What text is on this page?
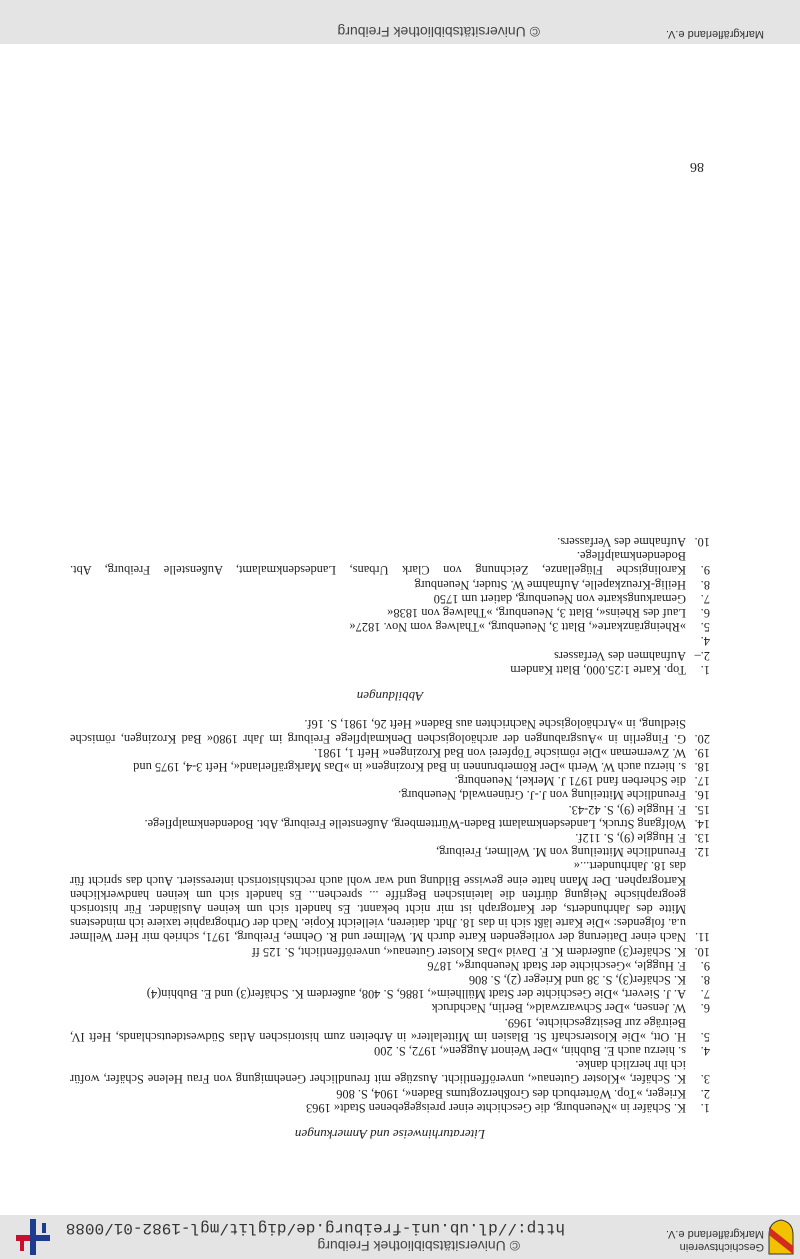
Geschichtsverein
Markgräflerland e.V.
© Universitätsbibliothek Freiburg
http://dl.ub.uni-freiburg.de/diglit/mgl-1982-01/0088
Literaturhinweise und Anmerkungen
1.
K. Schäfer in »Neuenburg, die Geschichte einer preisgegebenen Stadt« 1963
2.
Krieger, »Top. Wörterbuch des Großherzogtums Baden«, 1904, S. 806
3.
K. Schäfer, »Kloster Gutenau«, unveröffentlicht. Auszüge mit freundlicher Genehmigung von Frau Helene Schäfer, wofür ich ihr herzlich danke.
4.
s. hierzu auch E. Bubhin, »Der Weinort Auggen«, 1972, S. 200
5.
H. Ott, »Die Klosterschaft St. Blasien im Mittelalter« in Arbeiten zum historischen Atlas Südwestdeutschlands, Heft IV, Beiträge zur Besitzgeschichte, 1969.
6.
W. Jensen, »Der Schwarzwald«, Berlin, Nachdruck
7.
A. J. Sievert, »Die Geschichte der Stadt Müllheim«, 1886, S. 408, außerdem K. Schäfer(3) und E. Bubhin(4)
8.
K. Schäfer(3), S. 38 und Krieger (2), S. 806
9.
F. Huggle, »Geschichte der Stadt Neuenburg«, 1876
10.
K. Schäfer(3) außerdem K. F. David »Das Kloster Gutenau«, unveröffentlicht, S. 125 ff
11.
Nach einer Datierung der vorliegenden Karte durch M. Wellmer und R. Oehme, Freiburg, 1971, schrieb mir Herr Wellmer u.a. folgendes: »Die Karte läßt sich in das 18. Jhdt. datieren, vielleicht Kopie. Nach der Orthographie taxiere ich mindestens Mitte des Jahrhunderts, der Kartograph ist mir nicht bekannt. Es handelt sich um keinen Ausländer. Für historisch geographische Neigung dürften die lateinischen Begriffe ... sprechen... Es handelt sich um keinen handwerklichen Kartographen. Der Mann hatte eine gewisse Bildung und war wohl auch rechtshistorisch interessiert. Auch das spricht für das 18. Jahrhundert...«
12.
Freundliche Mitteilung von M. Wellmer, Freiburg,
13.
F. Huggle (9), S. 112f.
14.
Wolfgang Struck, Landesdenkmalamt Baden-Württemberg, Außenstelle Freiburg, Abt. Bodendenkmalpflege.
15.
F. Huggle (9), S. 42-43.
16.
Freundliche Mitteilung von J.-J. Grünenwald, Neuenburg.
17.
die Scherben fand 1971 J. Merkel, Neuenburg.
18.
s. hierzu auch W. Werth »Der Römerbrunnen in Bad Krozingen« in »Das Markgräflerland«, Heft 3-4, 1975 und
19.
W. Zwerneman »Die römische Töpferei von Bad Krozingen« Heft 1, 1981.
20.
G. Fingerlin in »Ausgrabungen der archäologischen Denkmalpflege Freiburg im Jahr 1980« Bad Krozingen, römische Siedlung, in »Archäologische Nachrichten aus Baden« Heft 26, 1981, S. 16f.
Abbildungen
1.
Top. Karte 1:25.000, Blatt Kandern
2.–4.
Aufnahmen des Verfassers
5.
»Rheingränzkarte«, Blatt 3, Neuenburg, »Thalweg vom Nov. 1827«
6.
Lauf des Rheins«, Blatt 3, Neuenburg, »Thalweg von 1838«
7.
Gemarkungskarte von Neuenburg, datiert um 1750
8.
Heilig-Kreuzkapelle, Aufnahme W. Studer, Neuenburg
9.
Karolingische Flügellanze, Zeichnung von Clark Urbans, Landesdenkmalamt, Außenstelle Freiburg, Abt. Bodendenkmalpflege.
10.
Aufnahme des Verfassers.
86
© Universitätsbibliothek Freiburg	Markgräflerland e.V.
